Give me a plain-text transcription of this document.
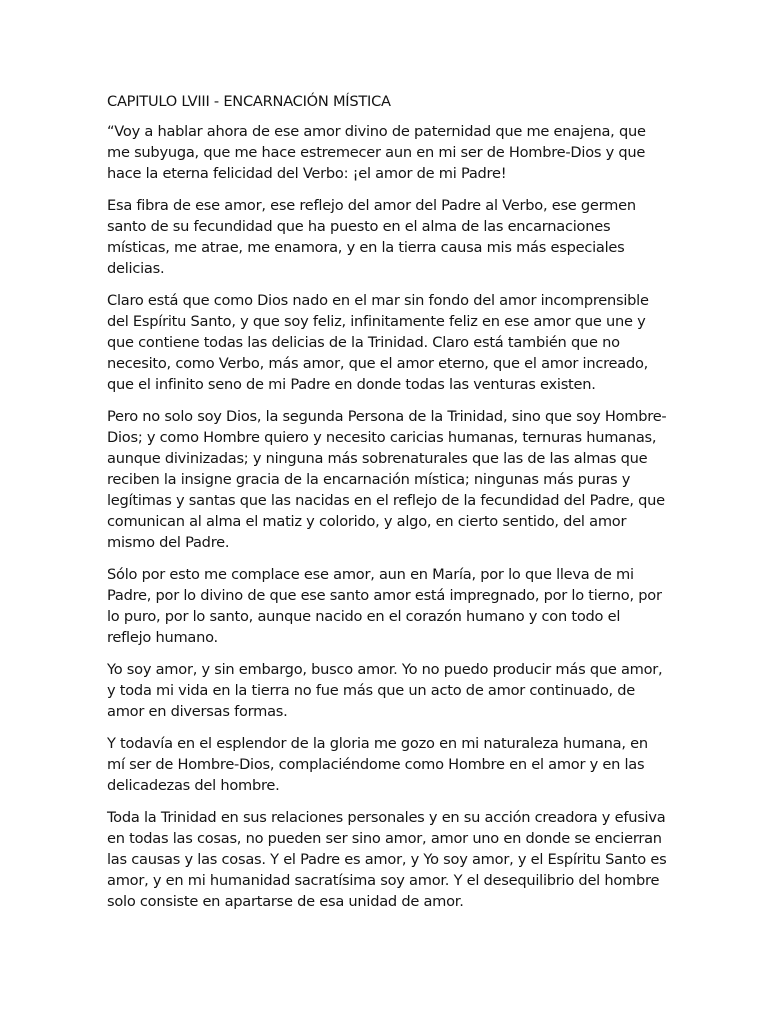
CAPITULO LVIII - ENCARNACIÓN MÍSTICA

“Voy a hablar ahora de ese amor divino de paternidad que me enajena, que me subyuga, que me hace estremecer aun en mi ser de Hombre-Dios y que hace la eterna felicidad del Verbo: ¡el amor de mi Padre!

Esa fibra de ese amor, ese reflejo del amor del Padre al Verbo, ese germen santo de su fecundidad que ha puesto en el alma de las encarnaciones místicas, me atrae, me enamora, y en la tierra causa mis más especiales delicias.

Claro está que como Dios nado en el mar sin fondo del amor incomprensible del Espíritu Santo, y que soy feliz, infinitamente feliz en ese amor que une y que contiene todas las delicias de la Trinidad. Claro está también que no necesito, como Verbo, más amor, que el amor eterno, que el amor increado, que el infinito seno de mi Padre en donde todas las venturas existen.

Pero no solo soy Dios, la segunda Persona de la Trinidad, sino que soy Hombre-Dios; y como Hombre quiero y necesito caricias humanas, ternuras humanas, aunque divinizadas; y ninguna más sobrenaturales que las de las almas que reciben la insigne gracia de la encarnación mística; ningunas más puras y legítimas y santas que las nacidas en el reflejo de la fecundidad del Padre, que comunican al alma el matiz y colorido, y algo, en cierto sentido, del amor mismo del Padre.

Sólo por esto me complace ese amor, aun en María, por lo que lleva de mi Padre, por lo divino de que ese santo amor está impregnado, por lo tierno, por lo puro, por lo santo, aunque nacido en el corazón humano y con todo el reflejo humano.

Yo soy amor, y sin embargo, busco amor. Yo no puedo producir más que amor, y toda mi vida en la tierra no fue más que un acto de amor continuado, de amor en diversas formas.

Y todavía en el esplendor de la gloria me gozo en mi naturaleza humana, en mí ser de Hombre-Dios, complaciéndome como Hombre en el amor y en las delicadezas del hombre.

Toda la Trinidad en sus relaciones personales y en su acción creadora y efusiva en todas las cosas, no pueden ser sino amor, amor uno en donde se encierran las causas y las cosas. Y el Padre es amor, y Yo soy amor, y el Espíritu Santo es amor, y en mi humanidad sacratísima soy amor. Y el desequilibrio del hombre solo consiste en apartarse de esa unidad de amor.
